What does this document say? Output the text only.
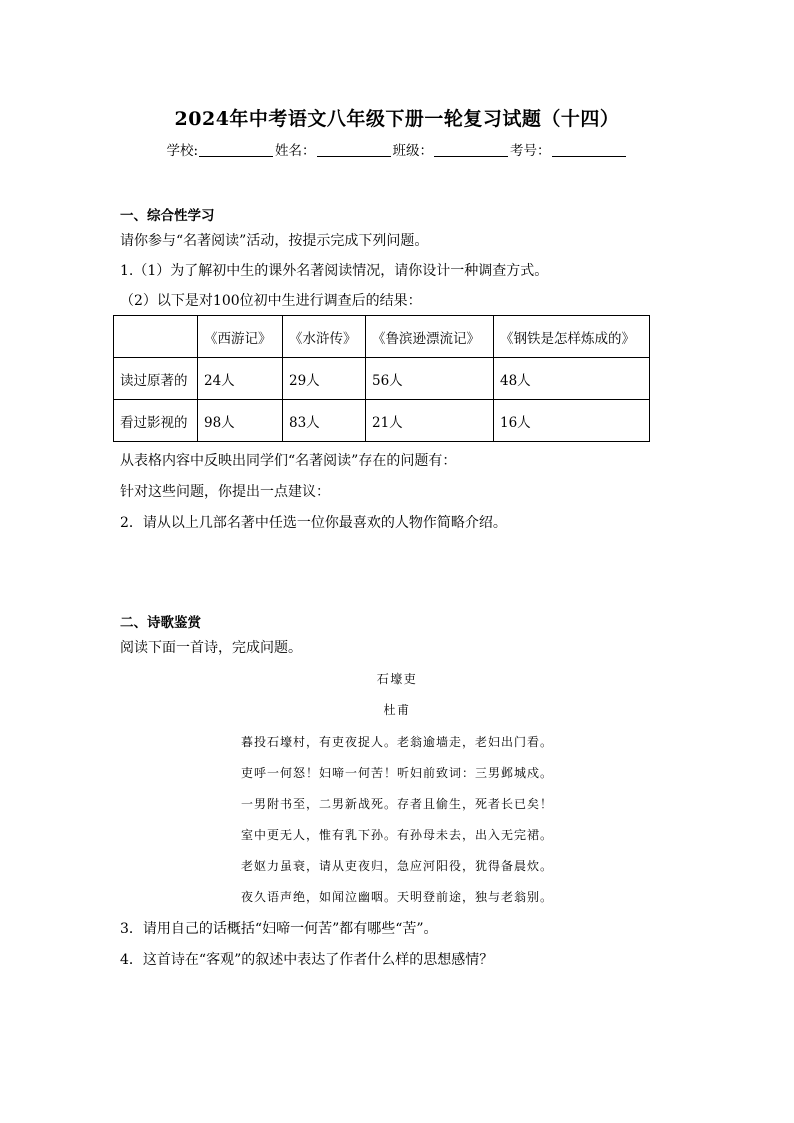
2024年中考语文八年级下册一轮复习试题（十四）
学校:	姓名：	班级：	考号：
一、综合性学习
请你参与“名著阅读”活动，按提示完成下列问题。
1.（1）为了解初中生的课外名著阅读情况，请你设计一种调查方式。
（2）以下是对100位初中生进行调查后的结果：
	《西游记》	《水浒传》	《鲁滨逊漂流记》	《钢铁是怎样炼成的》
读过原著的	24人	29人	56人	48人
看过影视的	98人	83人	21人	16人
从表格内容中反映出同学们“名著阅读”存在的问题有：
针对这些问题，你提出一点建议：
2．请从以上几部名著中任选一位你最喜欢的人物作简略介绍。
二、诗歌鉴赏
阅读下面一首诗，完成问题。
石壕吏
杜甫
暮投石壕村，有吏夜捉人。老翁逾墙走，老妇出门看。
吏呼一何怒！妇啼一何苦！听妇前致词：三男邺城戍。
一男附书至，二男新战死。存者且偷生，死者长已矣！
室中更无人，惟有乳下孙。有孙母未去，出入无完裙。
老妪力虽衰，请从吏夜归，急应河阳役，犹得备晨炊。
夜久语声绝，如闻泣幽咽。天明登前途，独与老翁别。
3．请用自己的话概括“妇啼一何苦”都有哪些“苦”。
4．这首诗在“客观”的叙述中表达了作者什么样的思想感情？
